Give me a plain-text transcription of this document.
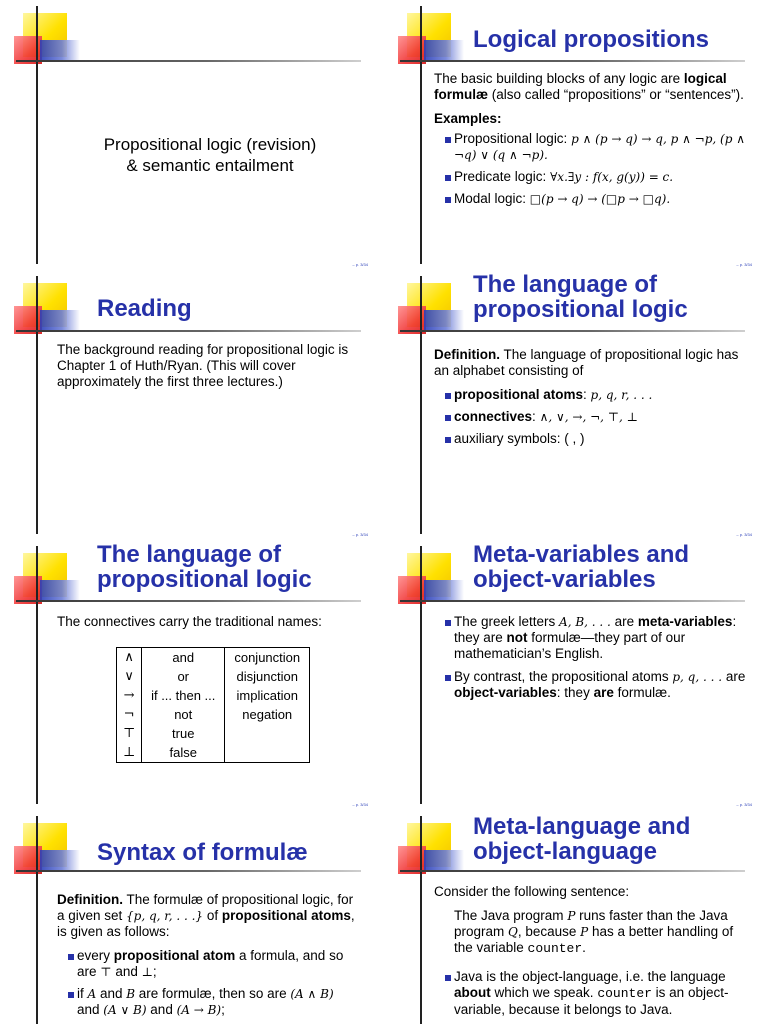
Propositional logic (revision)
& semantic entailment
– p. 3/34
Logical propositions

The basic building blocks of any logic are logical formulæ (also called “propositions” or “sentences”).

Examples:

Propositional logic: p ∧ (p → q) → q, p ∧ ¬p, (p ∧ ¬q) ∨ (q ∧ ¬p).
Predicate logic: ∀x.∃y : f(x, g(y)) = c.
Modal logic: □(p → q) → (□p → □q).
– p. 3/34
Reading
The background reading for propositional logic is Chapter 1 of Huth/Ryan. (This will cover approximately the first three lectures.)
– p. 3/34
The language of
propositional logic

Definition. The language of propositional logic has an alphabet consisting of

propositional atoms: p, q, r, . . .
connectives: ∧, ∨, →, ¬, ⊤, ⊥
auxiliary symbols: ( , )
– p. 3/34
The language of
propositional logic
The connectives carry the traditional names:
∧	and	conjunction
∨	or	disjunction
→	if ... then ...	implication
¬	not	negation
⊤	true	
⊥	false	
– p. 3/34
Meta-variables and
object-variables
The greek letters A, B, . . . are meta-variables: they are not formulæ—they part of our mathematician’s English.
By contrast, the propositional atoms p, q, . . . are object-variables: they are formulæ.
– p. 3/34
Syntax of formulæ

Definition. The formulæ of propositional logic, for a given set {p, q, r, . . .} of propositional atoms, is given as follows:

every propositional atom a formula, and so are ⊤ and ⊥;
if A and B are formulæ, then so are (A ∧ B) and (A ∨ B) and (A → B);
Meta-language and
object-language

Consider the following sentence:

The Java program P runs faster than the Java program Q, because P has a better handling of the variable counter.

Java is the object-language, i.e. the language about which we speak. counter is an object-variable, because it belongs to Java.
